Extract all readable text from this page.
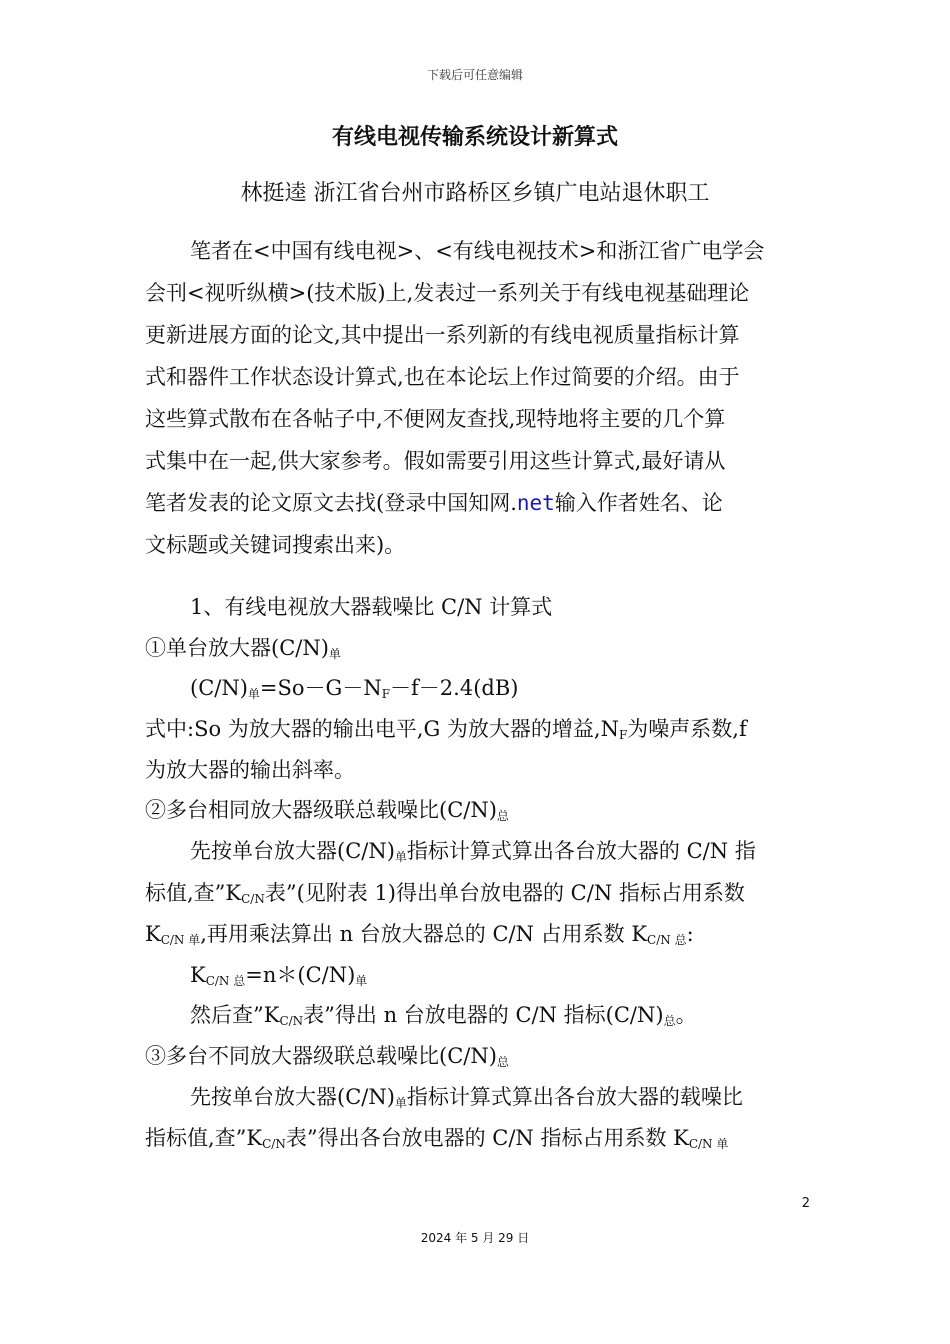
下载后可任意编辑
有线电视传输系统设计新算式
林挺逵 浙江省台州市路桥区乡镇广电站退休职工
笔者在<中国有线电视>、<有线电视技术>和浙江省广电学会
会刊<视听纵横>(技术版)上,发表过一系列关于有线电视基础理论
更新进展方面的论文,其中提出一系列新的有线电视质量指标计算
式和器件工作状态设计算式,也在本论坛上作过简要的介绍。由于
这些算式散布在各帖子中,不便网友查找,现特地将主要的几个算
式集中在一起,供大家参考。假如需要引用这些计算式,最好请从
笔者发表的论文原文去找(登录中国知网.net输入作者姓名、论
文标题或关键词搜索出来)。
1、有线电视放大器载噪比 C/N 计算式
①单台放大器$(C/N)_单$
$(C/N)_单=So-G-N_F-f-2.4(dB)$
式中:So 为放大器的输出电平,G 为放大器的增益$,N_F$为噪声系数,f
为放大器的输出斜率。
②多台相同放大器级联总载噪比$(C/N)_总$
先按单台放大器$(C/N)_单$指标计算式算出各台放大器的 C/N 指
标值,查$”K_{C/N}$表”(见附表 1)得出单台放电器的 C/N 指标占用系数
$K_{C/N 单}$,再用乘法算出 n 台放大器总的 C/N 占用系数 $K_{C/N 总}$:
$K_{C/N 总}=n*(C/N)_单$
然后查$”K_{C/N}$表”得出 n 台放电器的 C/N 指标$(C/N)_总$。
③多台不同放大器级联总载噪比$(C/N)_总$
先按单台放大器$(C/N)_单$指标计算式算出各台放大器的载噪比
指标值,查$”K_{C/N}$表”得出各台放电器的 C/N 指标占用系数 $K_{C/N 单}$
2
2024 年 5 月 29 日
